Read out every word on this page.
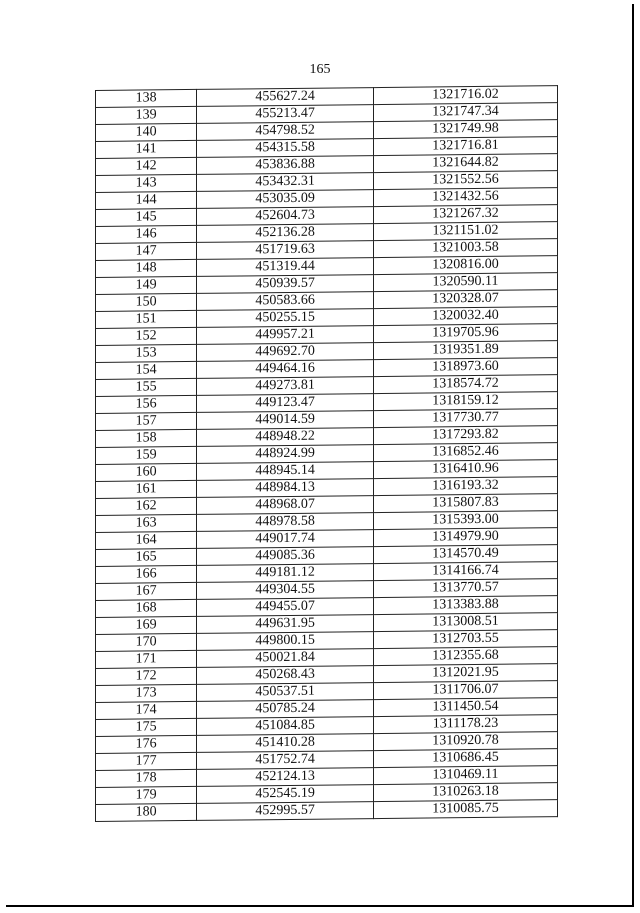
165
138	455627.24	1321716.02
139	455213.47	1321747.34
140	454798.52	1321749.98
141	454315.58	1321716.81
142	453836.88	1321644.82
143	453432.31	1321552.56
144	453035.09	1321432.56
145	452604.73	1321267.32
146	452136.28	1321151.02
147	451719.63	1321003.58
148	451319.44	1320816.00
149	450939.57	1320590.11
150	450583.66	1320328.07
151	450255.15	1320032.40
152	449957.21	1319705.96
153	449692.70	1319351.89
154	449464.16	1318973.60
155	449273.81	1318574.72
156	449123.47	1318159.12
157	449014.59	1317730.77
158	448948.22	1317293.82
159	448924.99	1316852.46
160	448945.14	1316410.96
161	448984.13	1316193.32
162	448968.07	1315807.83
163	448978.58	1315393.00
164	449017.74	1314979.90
165	449085.36	1314570.49
166	449181.12	1314166.74
167	449304.55	1313770.57
168	449455.07	1313383.88
169	449631.95	1313008.51
170	449800.15	1312703.55
171	450021.84	1312355.68
172	450268.43	1312021.95
173	450537.51	1311706.07
174	450785.24	1311450.54
175	451084.85	1311178.23
176	451410.28	1310920.78
177	451752.74	1310686.45
178	452124.13	1310469.11
179	452545.19	1310263.18
180	452995.57	1310085.75
